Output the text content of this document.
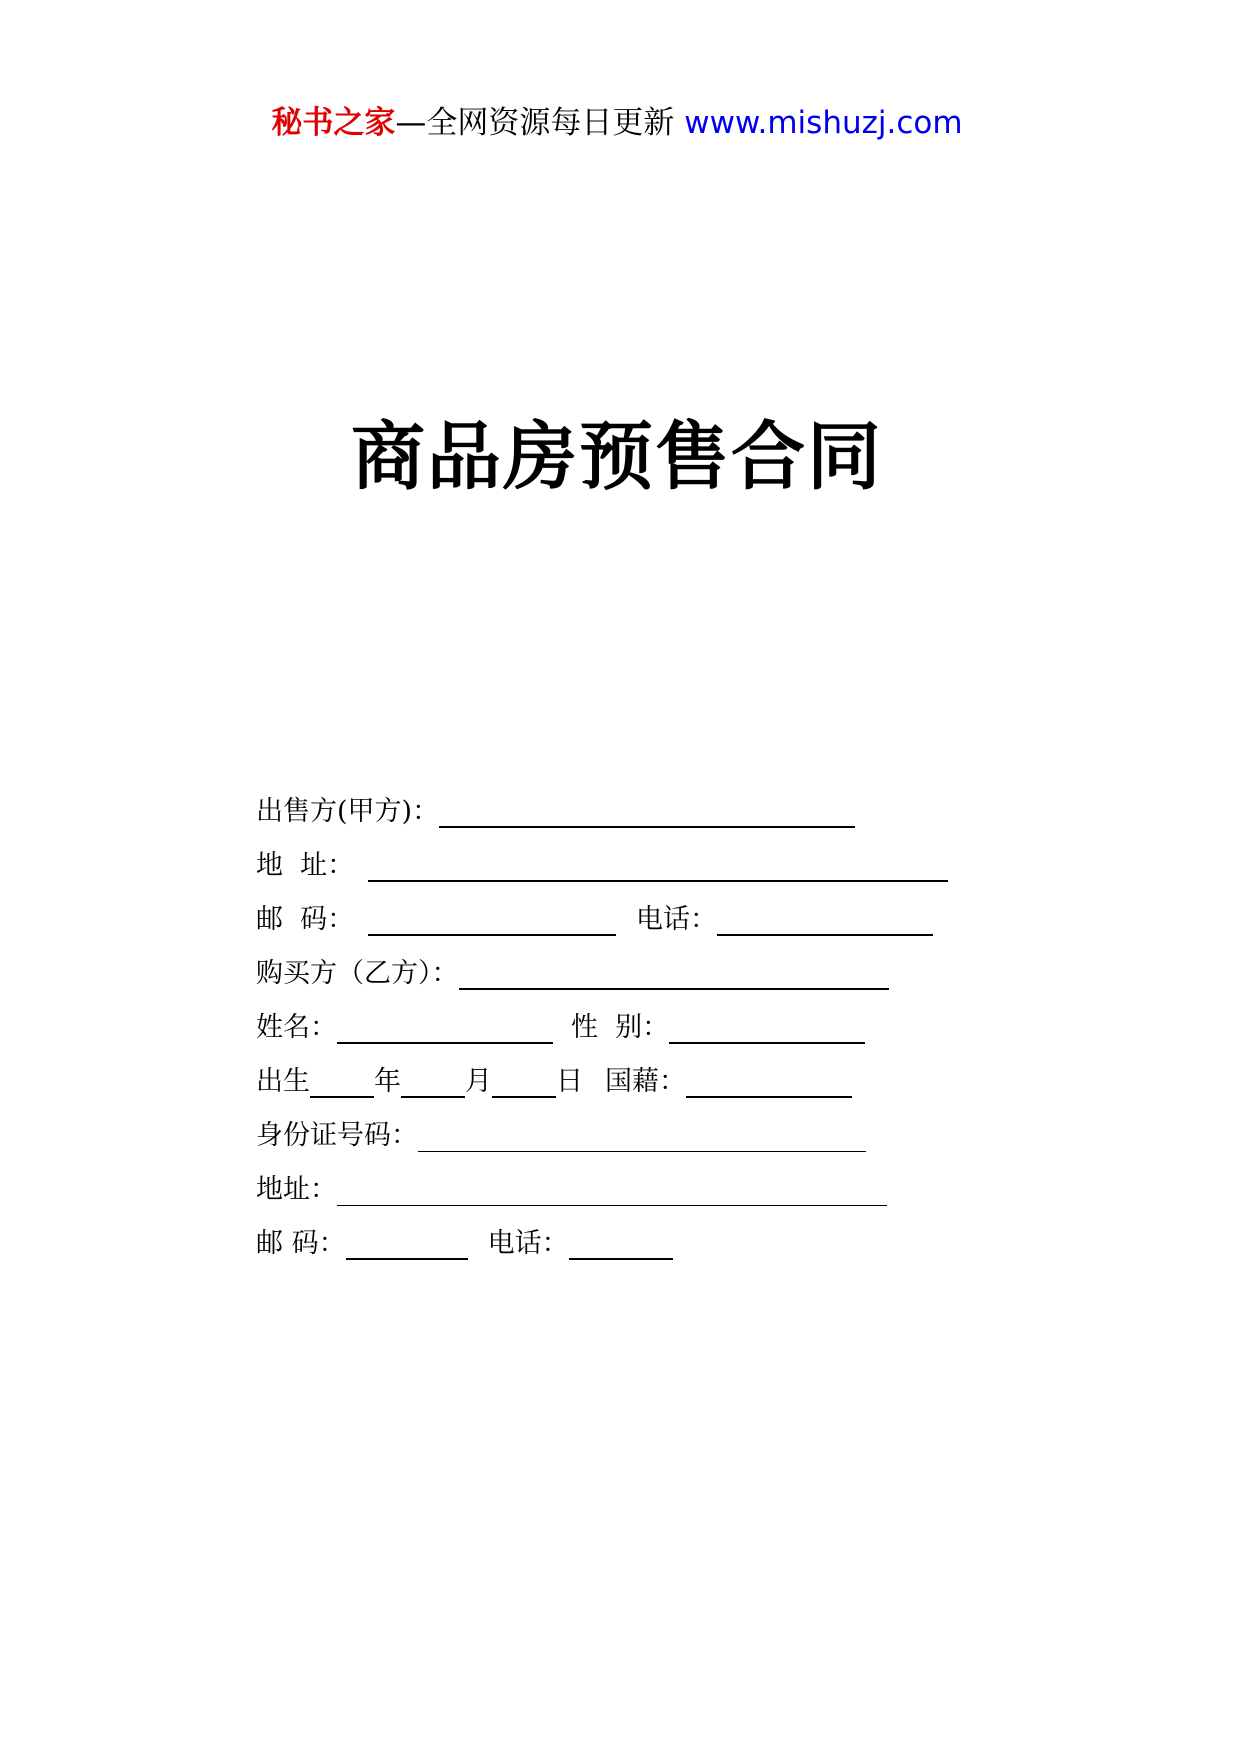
秘书之家—全网资源每日更新 www.mishuzj.com
商品房预售合同
出售方(甲方)：
地  址：
邮  码：	电话：
购买方（乙方）：
姓名：	性  别：
出生 年 月 日 国藉：
身份证号码：
地址：
邮 码：	电话：
